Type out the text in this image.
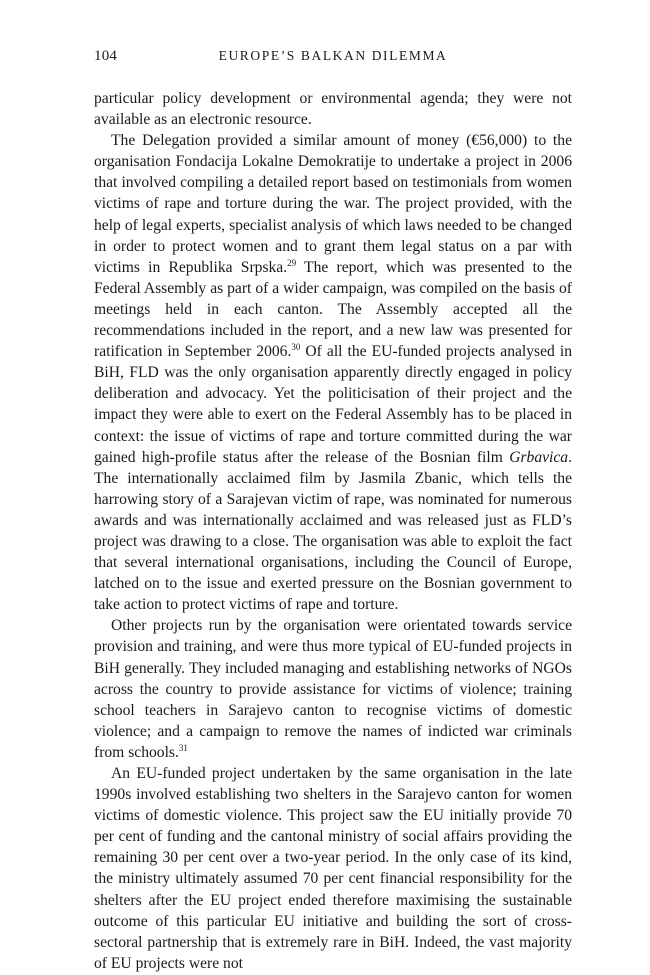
104	EUROPE’S BALKAN DILEMMA

particular policy development or environmental agenda; they were not available as an electronic resource.

The Delegation provided a similar amount of money (€56,000) to the organisation Fondacija Lokalne Demokratije to undertake a project in 2006 that involved compiling a detailed report based on testimonials from women victims of rape and torture during the war. The project provided, with the help of legal experts, specialist analysis of which laws needed to be changed in order to protect women and to grant them legal status on a par with victims in Republika Srpska.$^{29}$ The report, which was presented to the Federal Assembly as part of a wider campaign, was compiled on the basis of meetings held in each canton. The Assembly accepted all the recommendations included in the report, and a new law was presented for ratification in September 2006.30 Of all the EU-funded projects analysed in BiH, FLD was the only organisation apparently directly engaged in policy deliberation and advocacy. Yet the politicisation of their project and the impact they were able to exert on the Federal Assembly has to be placed in context: the issue of victims of rape and torture committed during the war gained high-profile status after the release of the Bosnian film Grbavica. The internationally acclaimed film by Jasmila Zbanic, which tells the harrowing story of a Sarajevan victim of rape, was nominated for numerous awards and was internationally acclaimed and was released just as FLD’s project was drawing to a close. The organisation was able to exploit the fact that several international organisations, including the Council of Europe, latched on to the issue and exerted pressure on the Bosnian government to take action to protect victims of rape and torture.

Other projects run by the organisation were orientated towards service provision and training, and were thus more typical of EU-funded projects in BiH generally. They included managing and establishing networks of NGOs across the country to provide assistance for victims of violence; training school teachers in Sarajevo canton to recognise victims of domestic violence; and a campaign to remove the names of indicted war criminals from schools.$^{31}$

An EU-funded project undertaken by the same organisation in the late 1990s involved establishing two shelters in the Sarajevo canton for women victims of domestic violence. This project saw the EU initially provide 70 per cent of funding and the cantonal ministry of social affairs providing the remaining 30 per cent over a two-year period. In the only case of its kind, the ministry ultimately assumed 70 per cent financial responsibility for the shelters after the EU project ended therefore maximising the sustainable outcome of this particular EU initiative and building the sort of cross-sectoral partnership that is extremely rare in BiH. Indeed, the vast majority of EU projects were not
